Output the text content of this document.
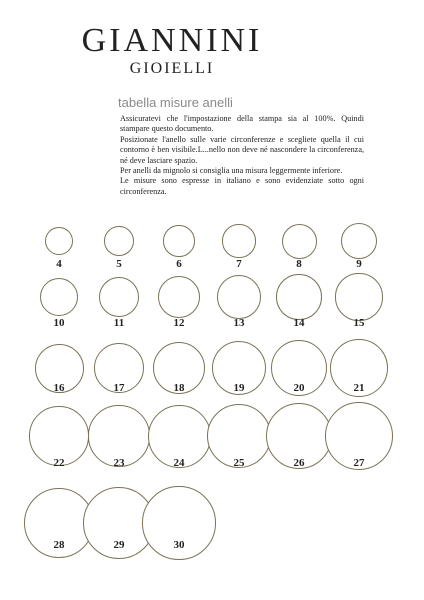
GIANNINI
GIOIELLI
tabella misure anelli

Assicuratevi che l'impostazione della stampa sia al 100%. Quindi stampare questo documento.

Posizionate l'anello sulle varie circonferenze e scegliete quella il cui contorno è ben visibile.L...nello non deve né nascondere la circonferenza, né deve lasciare spazio.

Per anelli da mignolo si consiglia una misura leggermente inferiore.

Le misure sono espresse in italiano e sono evidenziate sotto ogni circonferenza.

4	5	6	7	8	9
10	11	12	13	14	15
16	17	18	19	20	21
22	23	24	25	26	27
28	29	30
